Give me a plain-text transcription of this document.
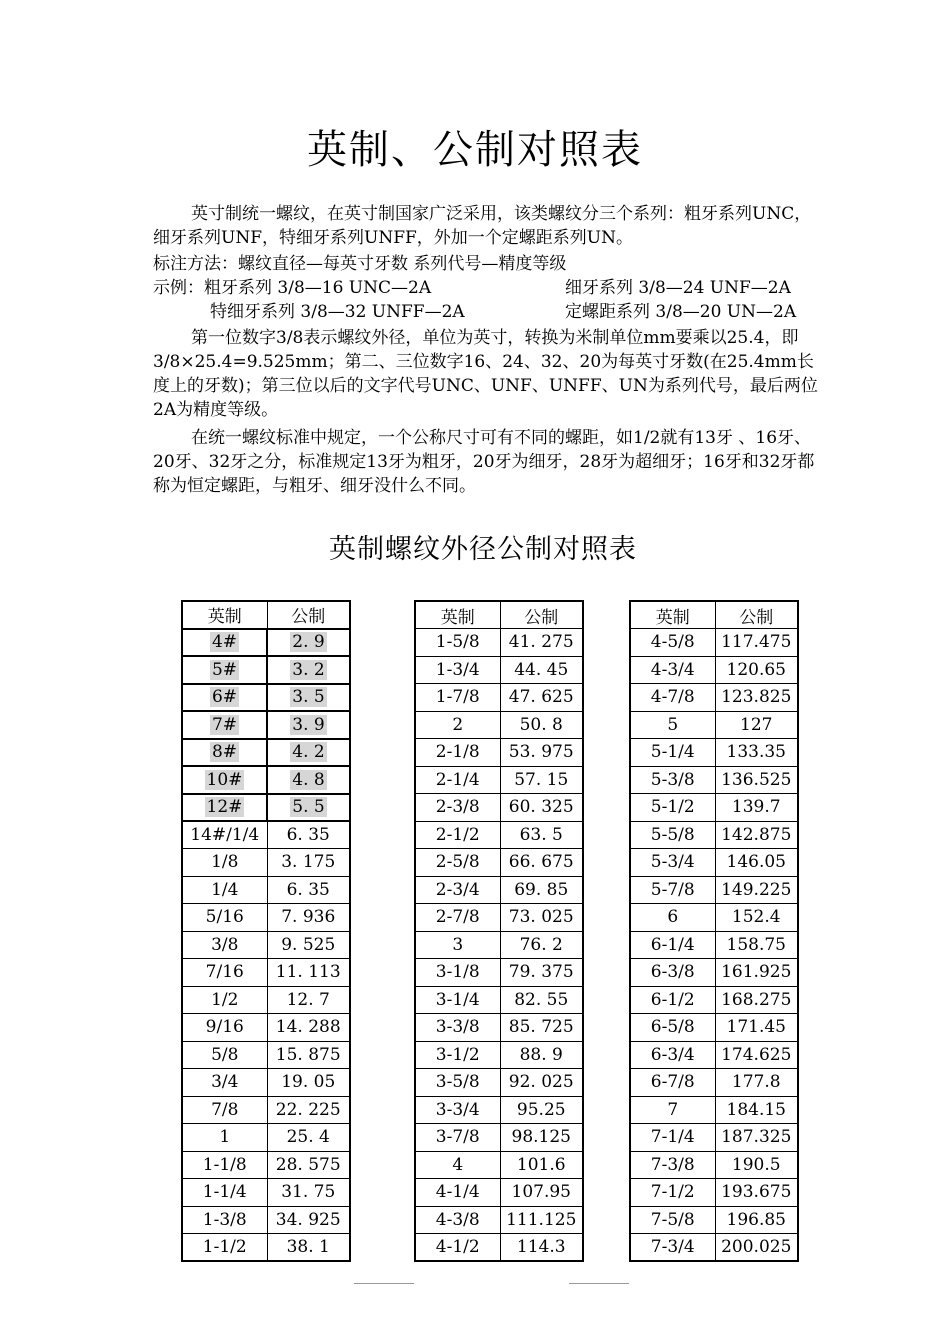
英制、公制对照表

英寸制统一螺纹，在英寸制国家广泛采用，该类螺纹分三个系列：粗牙系列UNC，细牙系列UNF，特细牙系列UNFF，外加一个定螺距系列UN。

标注方法：螺纹直径—每英寸牙数 系列代号—精度等级
示例：粗牙系列 3/8—16 UNC—2A	细牙系列 3/8—24 UNF—2A
特细牙系列 3/8—32 UNFF—2A	定螺距系列 3/8—20 UN—2A

第一位数字3/8表示螺纹外径，单位为英寸，转换为米制单位mm要乘以25.4，即3/8×25.4=9.525mm；第二、三位数字16、24、32、20为每英寸牙数(在25.4mm长度上的牙数)；第三位以后的文字代号UNC、UNF、UNFF、UN为系列代号，最后两位2A为精度等级。

在统一螺纹标准中规定，一个公称尺寸可有不同的螺距，如1/2就有13牙 、16牙、20牙、32牙之分，标准规定13牙为粗牙，20牙为细牙，28牙为超细牙；16牙和32牙都称为恒定螺距，与粗牙、细牙没什么不同。

英制螺纹外径公制对照表
英制	公制
4#	2. 9
5#	3. 2
6#	3. 5
7#	3. 9
8#	4. 2
10#	4. 8
12#	5. 5
14#/1/4	6. 35
1/8	3. 175
1/4	6. 35
5/16	7. 936
3/8	9. 525
7/16	11. 113
1/2	12. 7
9/16	14. 288
5/8	15. 875
3/4	19. 05
7/8	22. 225
1	25. 4
1-1/8	28. 575
1-1/4	31. 75
1-3/8	34. 925
1-1/2	38. 1
英制	公制
1-5/8	41. 275
1-3/4	44. 45
1-7/8	47. 625
2	50. 8
2-1/8	53. 975
2-1/4	57. 15
2-3/8	60. 325
2-1/2	63. 5
2-5/8	66. 675
2-3/4	69. 85
2-7/8	73. 025
3	76. 2
3-1/8	79. 375
3-1/4	82. 55
3-3/8	85. 725
3-1/2	88. 9
3-5/8	92. 025
3-3/4	95.25
3-7/8	98.125
4	101.6
4-1/4	107.95
4-3/8	111.125
4-1/2	114.3
英制	公制
4-5/8	117.475
4-3/4	120.65
4-7/8	123.825
5	127
5-1/4	133.35
5-3/8	136.525
5-1/2	139.7
5-5/8	142.875
5-3/4	146.05
5-7/8	149.225
6	152.4
6-1/4	158.75
6-3/8	161.925
6-1/2	168.275
6-5/8	171.45
6-3/4	174.625
6-7/8	177.8
7	184.15
7-1/4	187.325
7-3/8	190.5
7-1/2	193.675
7-5/8	196.85
7-3/4	200.025
